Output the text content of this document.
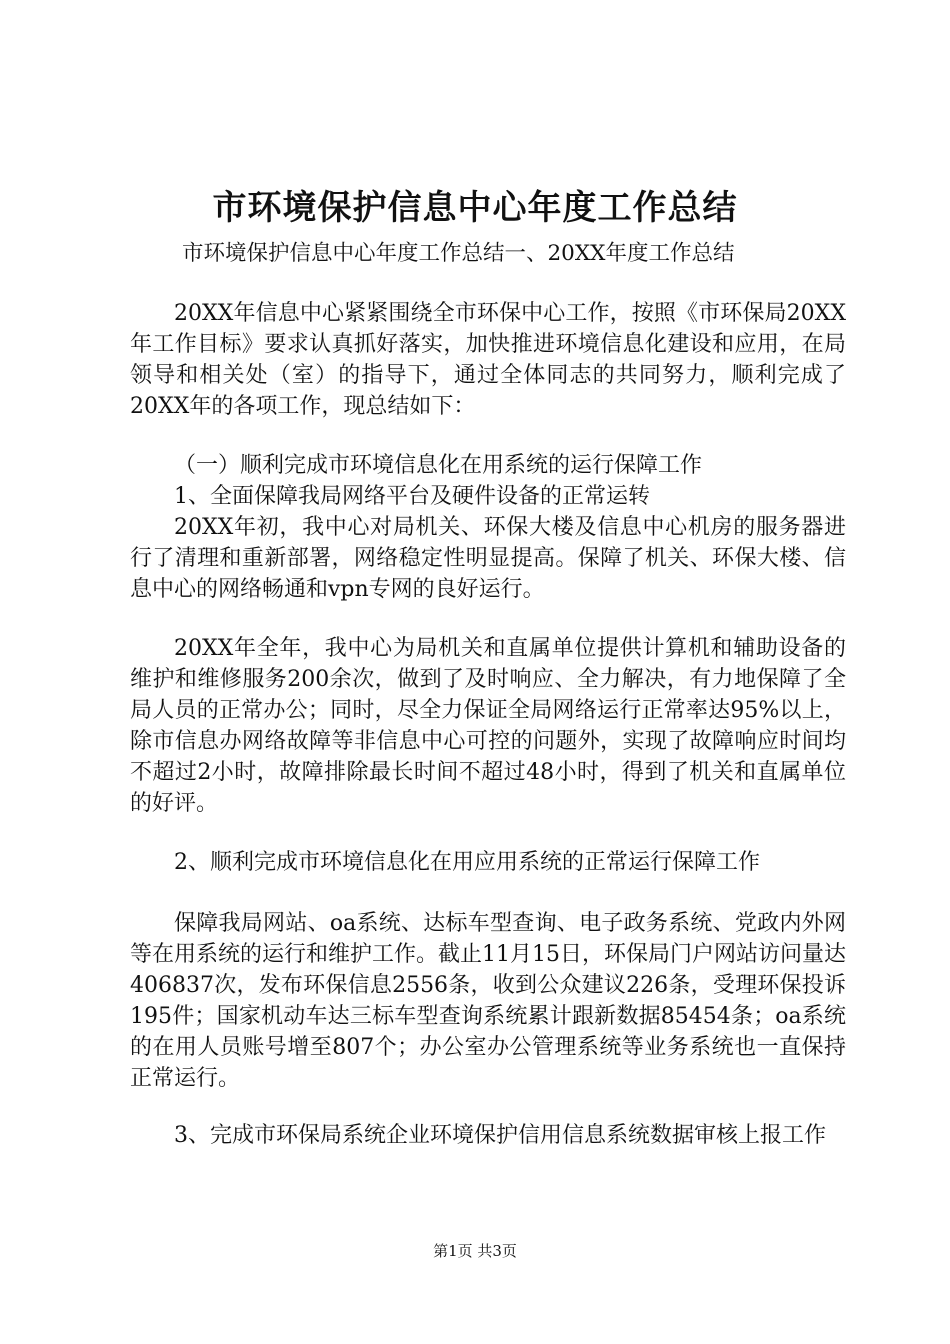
市环境保护信息中心年度工作总结
市环境保护信息中心年度工作总结一、20XX年度工作总结

20XX年信息中心紧紧围绕全市环保中心工作，按照《市环保局20XX年工作目标》要求认真抓好落实，加快推进环境信息化建设和应用，在局领导和相关处（室）的指导下，通过全体同志的共同努力，顺利完成了20XX年的各项工作，现总结如下：

（一）顺利完成市环境信息化在用系统的运行保障工作

1、全面保障我局网络平台及硬件设备的正常运转

20XX年初，我中心对局机关、环保大楼及信息中心机房的服务器进行了清理和重新部署，网络稳定性明显提高。保障了机关、环保大楼、信息中心的网络畅通和vpn专网的良好运行。

20XX年全年，我中心为局机关和直属单位提供计算机和辅助设备的维护和维修服务200余次，做到了及时响应、全力解决，有力地保障了全局人员的正常办公；同时，尽全力保证全局网络运行正常率达95%以上，除市信息办网络故障等非信息中心可控的问题外，实现了故障响应时间均不超过2小时，故障排除最长时间不超过48小时，得到了机关和直属单位的好评。

2、顺利完成市环境信息化在用应用系统的正常运行保障工作

保障我局网站、oa系统、达标车型查询、电子政务系统、党政内外网等在用系统的运行和维护工作。截止11月15日，环保局门户网站访问量达406837次，发布环保信息2556条，收到公众建议226条，受理环保投诉195件；国家机动车达三标车型查询系统累计跟新数据85454条；oa系统的在用人员账号增至807个；办公室办公管理系统等业务系统也一直保持正常运行。

3、完成市环保局系统企业环境保护信用信息系统数据审核上报工作

第1页 共3页
